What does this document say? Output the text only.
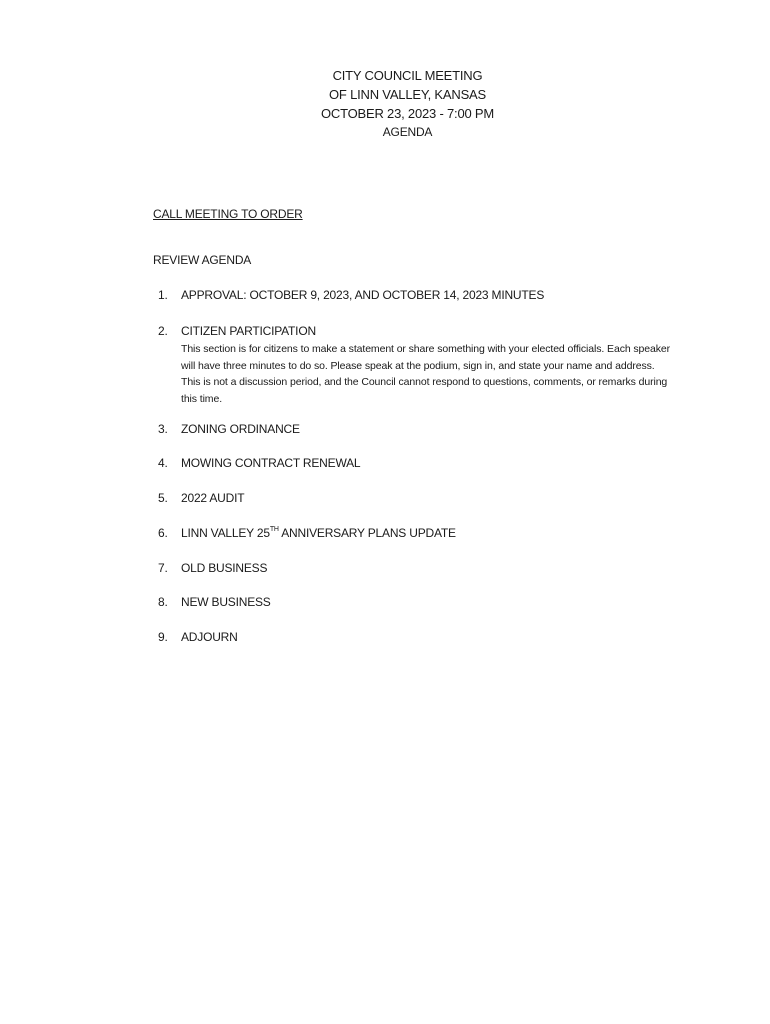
CITY COUNCIL MEETING
OF LINN VALLEY, KANSAS
OCTOBER 23, 2023 - 7:00 PM
AGENDA
CALL MEETING TO ORDER
REVIEW AGENDA
1.	APPROVAL: OCTOBER 9, 2023, AND OCTOBER 14, 2023 MINUTES
2.	CITIZEN PARTICIPATION
This section is for citizens to make a statement or share something with your elected officials. Each speaker will have three minutes to do so. Please speak at the podium, sign in, and state your name and address. This is not a discussion period, and the Council cannot respond to questions, comments, or remarks during this time.
3.	ZONING ORDINANCE
4.	MOWING CONTRACT RENEWAL
5.	2022 AUDIT
6.	LINN VALLEY 25TH ANNIVERSARY PLANS UPDATE
7.	OLD BUSINESS
8.	NEW BUSINESS
9.	ADJOURN
